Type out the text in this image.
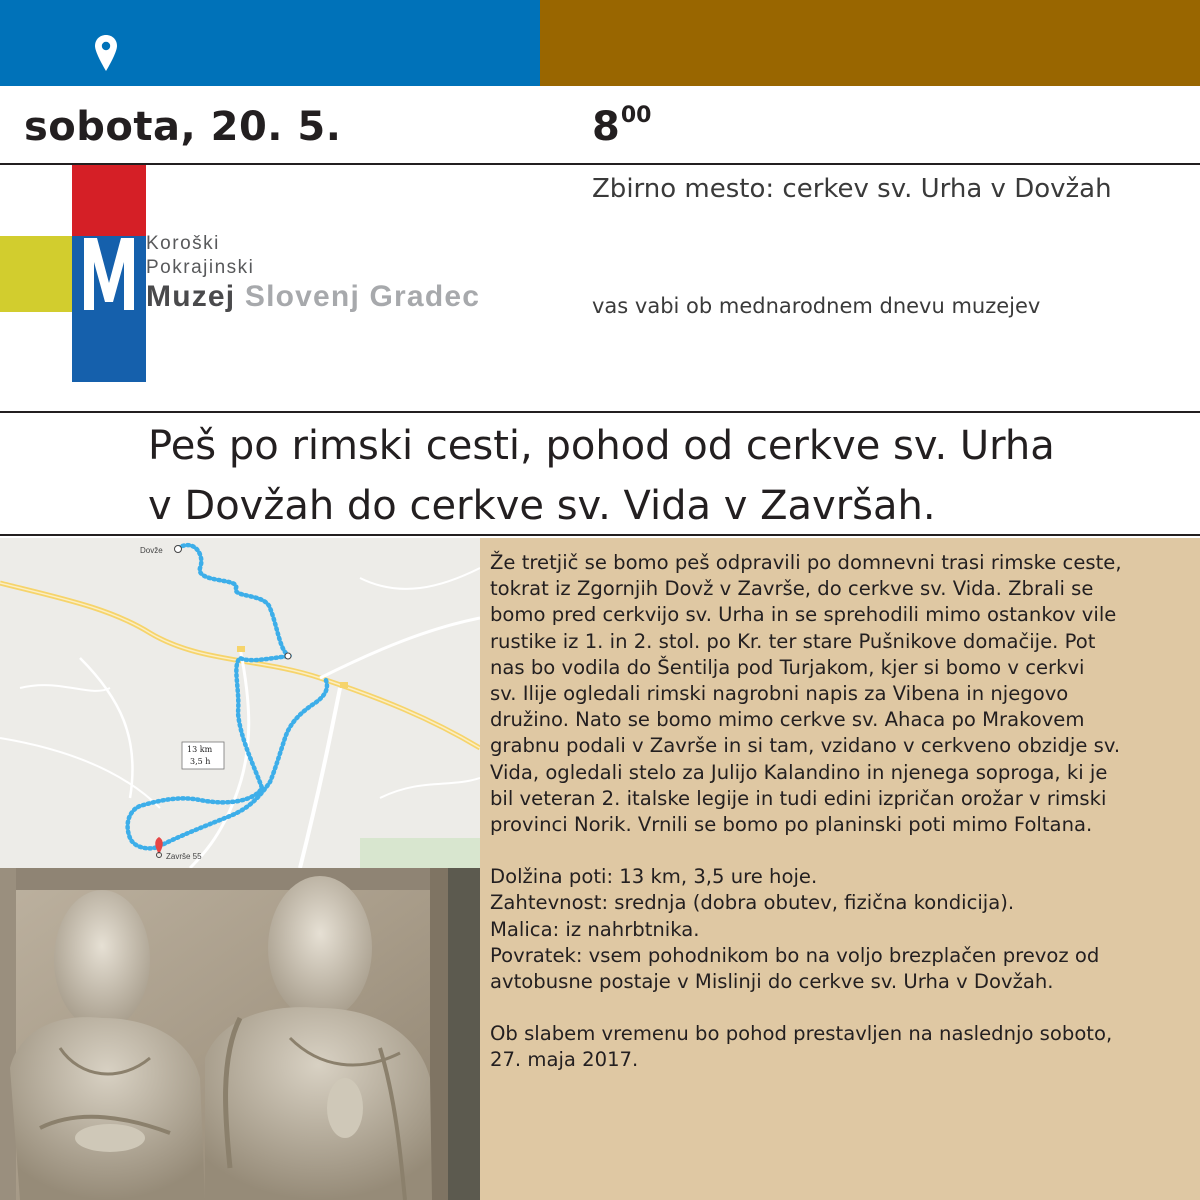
sobota, 20. 5.	$8^{00}$
Koroški
Pokrajinski
Muzej Slovenj Gradec
Zbirno mesto: cerkev sv. Urha v Dovžah
vas vabi ob mednarodnem dnevu muzejev
Peš po rimski cesti, pohod od cerkve sv. Urha
v Dovžah do cerkve sv. Vida v Završah.
Dovže
Završe 55
13 km
3,5 h

Že tretjič se bomo peš odpravili po domnevni trasi rimske ceste,

tokrat iz Zgornjih Dovž v Završe, do cerkve sv. Vida. Zbrali se

bomo pred cerkvijo sv. Urha in se sprehodili mimo ostankov vile

rustike iz 1. in 2. stol. po Kr. ter stare Pušnikove domačije. Pot

nas bo vodila do Šentilja pod Turjakom, kjer si bomo v cerkvi

sv. Ilije ogledali rimski nagrobni napis za Vibena in njegovo

družino. Nato se bomo mimo cerkve sv. Ahaca po Mrakovem

grabnu podali v Završe in si tam, vzidano v cerkveno obzidje sv.

Vida, ogledali stelo za Julijo Kalandino in njenega soproga, ki je

bil veteran 2. italske legije in tudi edini izpričan orožar v rimski

provinci Norik. Vrnili se bomo po planinski poti mimo Foltana.

Dolžina poti: 13 km, 3,5 ure hoje.

Zahtevnost: srednja (dobra obutev, fizična kondicija).

Malica: iz nahrbtnika.

Povratek: vsem pohodnikom bo na voljo brezplačen prevoz od

avtobusne postaje v Mislinji do cerkve sv. Urha v Dovžah.

Ob slabem vremenu bo pohod prestavljen na naslednjo soboto,

27. maja 2017.
